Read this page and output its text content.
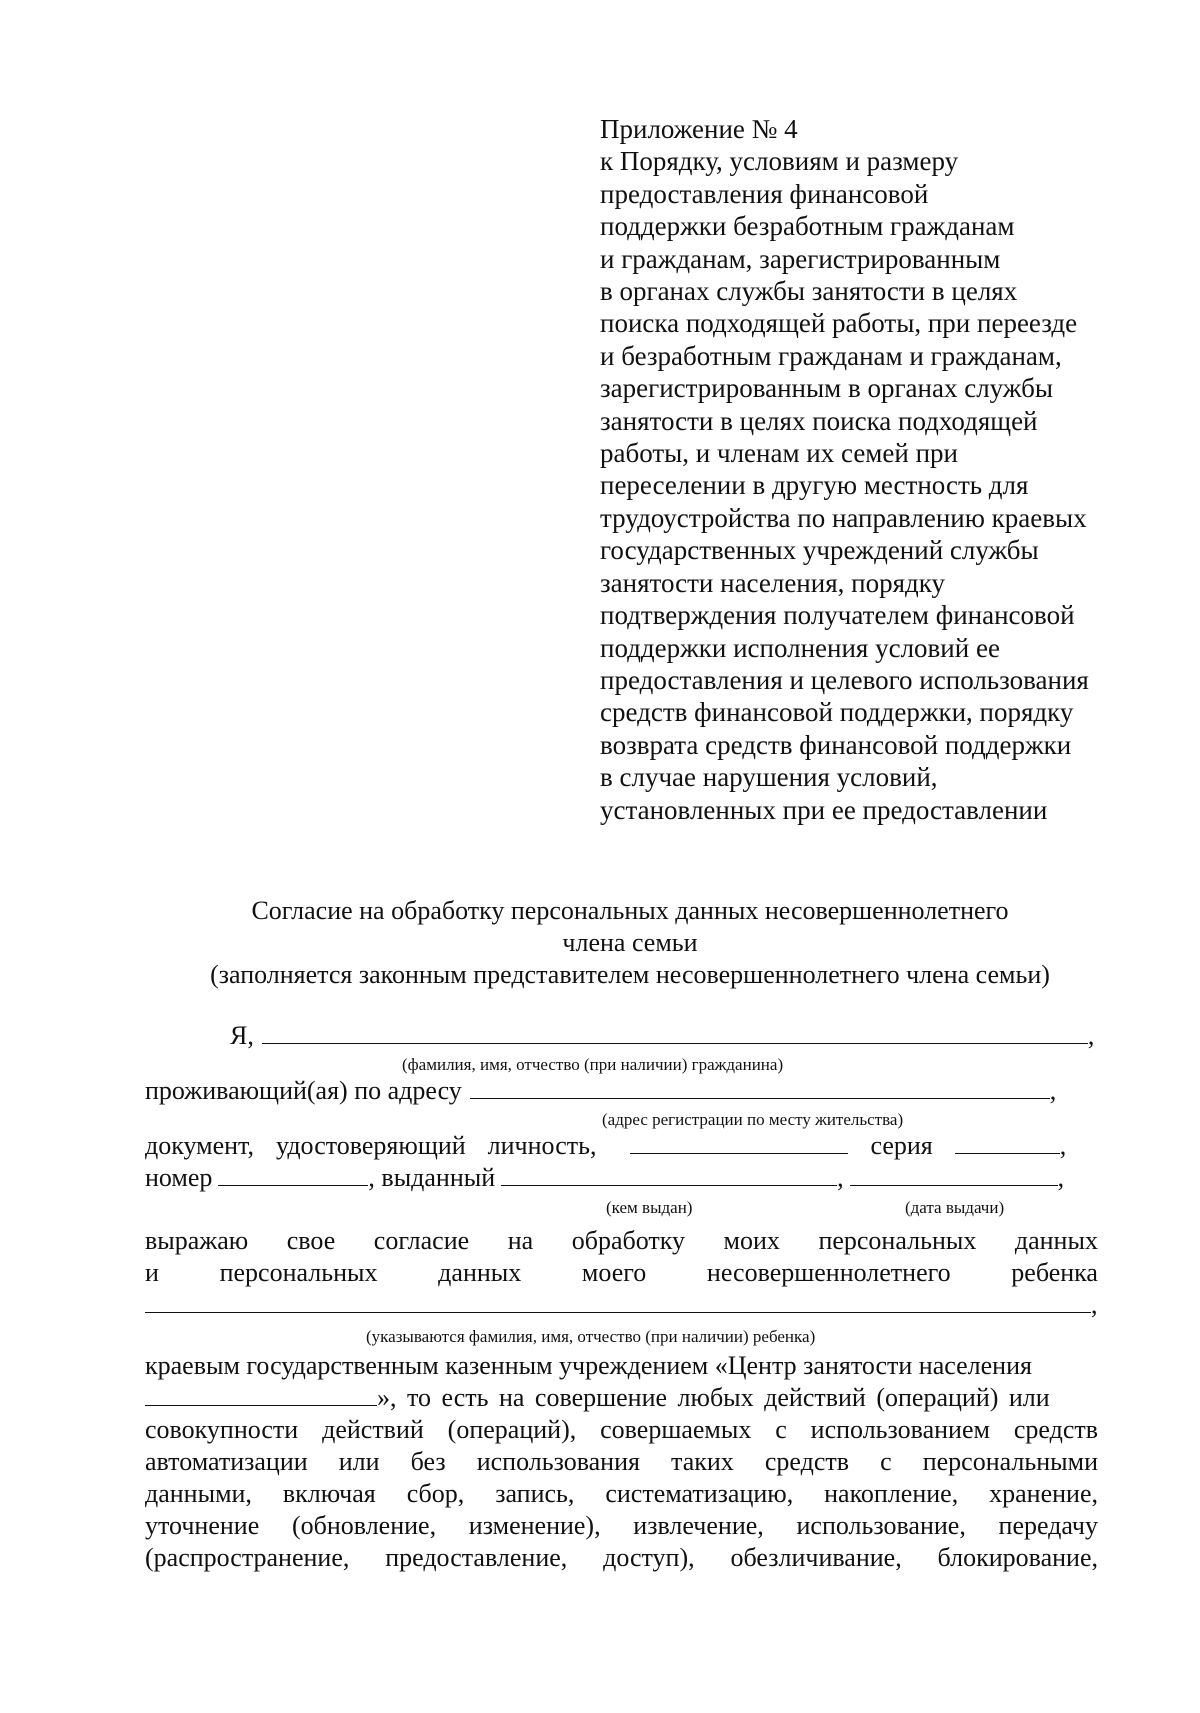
Приложение № 4
к Порядку, условиям и размеру
предоставления финансовой
поддержки безработным гражданам
и гражданам, зарегистрированным
в органах службы занятости в целях
поиска подходящей работы, при переезде
и безработным гражданам и гражданам,
зарегистрированным в органах службы
занятости в целях поиска подходящей
работы, и членам их семей при
переселении в другую местность для
трудоустройства по направлению краевых
государственных учреждений службы
занятости населения, порядку
подтверждения получателем финансовой
поддержки исполнения условий ее
предоставления и целевого использования
средств финансовой поддержки, порядку
возврата средств финансовой поддержки
в случае нарушения условий,
установленных при ее предоставлении
Согласие на обработку персональных данных несовершеннолетнего
члена семьи
(заполняется законным представителем несовершеннолетнего члена семьи)
Я,	,
(фамилия, имя, отчество (при наличии) гражданина)
проживающий(ая) по адресу	,
(адрес регистрации по месту жительства)
документ, удостоверяющий личность,	серия	,
номер	, выданный	,	,
(кем выдан)	(дата выдачи)
выражаю свое согласие на обработку моих персональных данных
и персональных данных моего несовершеннолетнего ребенка
,
(указываются фамилия, имя, отчество (при наличии) ребенка)
краевым государственным казенным учреждением «Центр занятости населения
», то есть на совершение любых действий (операций) или
совокупности действий (операций), совершаемых с использованием средств
автоматизации или без использования таких средств с персональными
данными, включая сбор, запись, систематизацию, накопление, хранение,
уточнение (обновление, изменение), извлечение, использование, передачу
(распространение, предоставление, доступ), обезличивание, блокирование,
